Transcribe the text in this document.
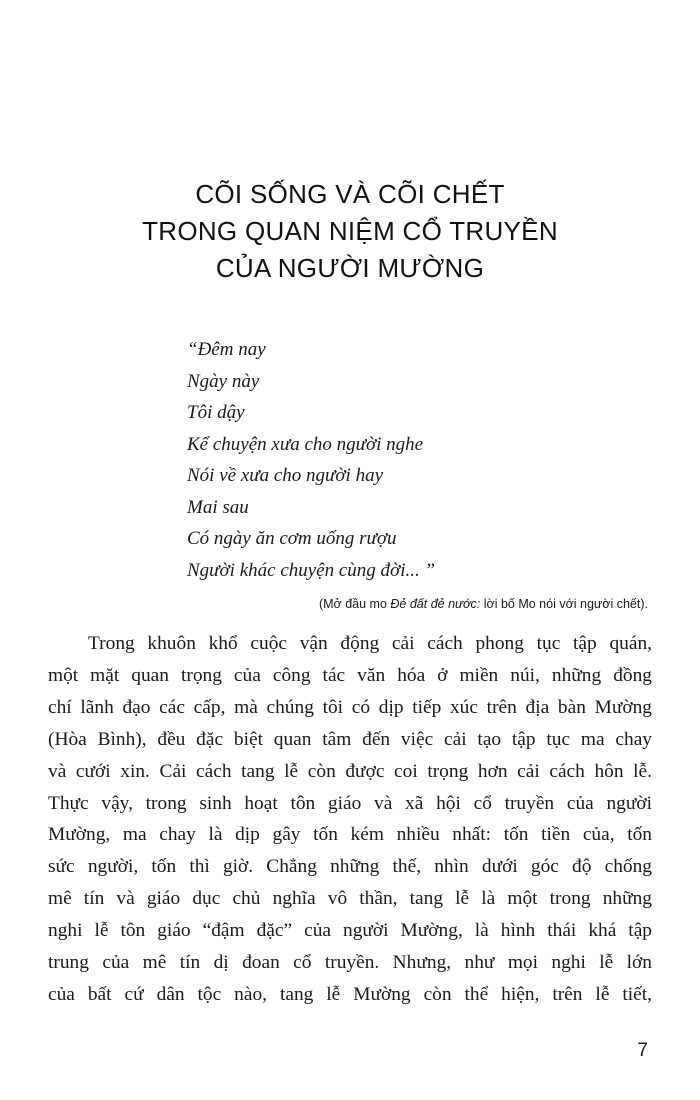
CÕI SỐNG VÀ CÕI CHẾT
TRONG QUAN NIỆM CỔ TRUYỀN
CỦA NGƯỜI MƯỜNG
“Đêm nay
Ngày này
Tôi dậy
Kể chuyện xưa cho người nghe
Nói về xưa cho người hay
Mai sau
Có ngày ăn cơm uống rượu
Người khác chuyện cùng đời... ”
(Mở đầu mo Đẻ đất đẻ nước: lời bố Mo nói với người chết).
Trong khuôn khổ cuộc vận động cải cách phong tục tập quán,
một mặt quan trọng của công tác văn hóa ở miền núi, những đồng
chí lãnh đạo các cấp, mà chúng tôi có dịp tiếp xúc trên địa bàn Mường
(Hòa Bình), đều đặc biệt quan tâm đến việc cải tạo tập tục ma chay
và cưới xin. Cải cách tang lễ còn được coi trọng hơn cải cách hôn lễ.
Thực vậy, trong sinh hoạt tôn giáo và xã hội cổ truyền của người
Mường, ma chay là dịp gây tốn kém nhiều nhất: tốn tiền của, tốn
sức người, tốn thì giờ. Chẳng những thế, nhìn dưới góc độ chống
mê tín và giáo dục chủ nghĩa vô thần, tang lễ là một trong những
nghi lễ tôn giáo “đậm đặc” của người Mường, là hình thái khá tập
trung của mê tín dị đoan cổ truyền. Nhưng, như mọi nghi lễ lớn
của bất cứ dân tộc nào, tang lễ Mường còn thể hiện, trên lễ tiết,
7
